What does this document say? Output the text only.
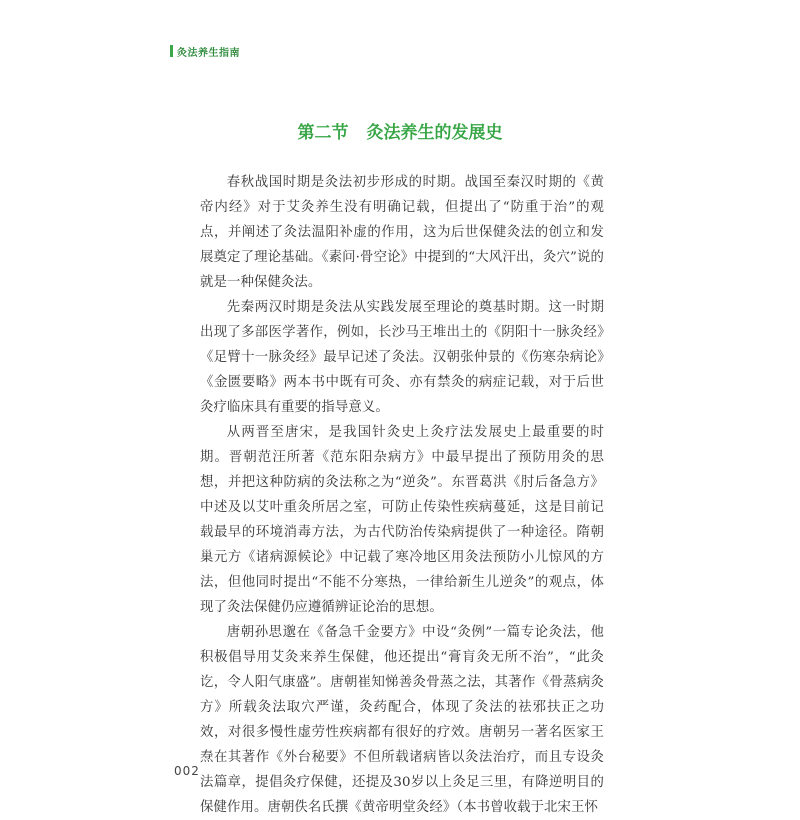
灸法养生指南
第二节 灸法养生的发展史

春秋战国时期是灸法初步形成的时期。战国至秦汉时期的《黄帝内经》对于艾灸养生没有明确记载，但提出了“防重于治”的观点，并阐述了灸法温阳补虚的作用，这为后世保健灸法的创立和发展奠定了理论基础。《素问·骨空论》中提到的“大风汗出，灸穴”说的就是一种保健灸法。

先秦两汉时期是灸法从实践发展至理论的奠基时期。这一时期出现了多部医学著作，例如，长沙马王堆出土的《阴阳十一脉灸经》《足臂十一脉灸经》最早记述了灸法。汉朝张仲景的《伤寒杂病论》《金匮要略》两本书中既有可灸、亦有禁灸的病症记载，对于后世灸疗临床具有重要的指导意义。

从两晋至唐宋，是我国针灸史上灸疗法发展史上最重要的时期。晋朝范汪所著《范东阳杂病方》中最早提出了预防用灸的思想，并把这种防病的灸法称之为“逆灸”。东晋葛洪《肘后备急方》中述及以艾叶重灸所居之室，可防止传染性疾病蔓延，这是目前记载最早的环境消毒方法，为古代防治传染病提供了一种途径。隋朝巢元方《诸病源候论》中记载了寒冷地区用灸法预防小儿惊风的方法，但他同时提出“不能不分寒热，一律给新生儿逆灸”的观点，体现了灸法保健仍应遵循辨证论治的思想。

唐朝孙思邈在《备急千金要方》中设“灸例”一篇专论灸法，他积极倡导用艾灸来养生保健，他还提出“膏肓灸无所不治”，“此灸讫，令人阳气康盛”。唐朝崔知悌善灸骨蒸之法，其著作《骨蒸病灸方》所载灸法取穴严谨，灸药配合，体现了灸法的祛邪扶正之功效，对很多慢性虚劳性疾病都有很好的疗效。唐朝另一著名医家王焘在其著作《外台秘要》不但所载诸病皆以灸法治疗，而且专设灸法篇章，提倡灸疗保健，还提及30岁以上灸足三里，有降逆明目的保健作用。唐朝佚名氏撰《黄帝明堂灸经》（本书曾收载于北宋王怀

002
